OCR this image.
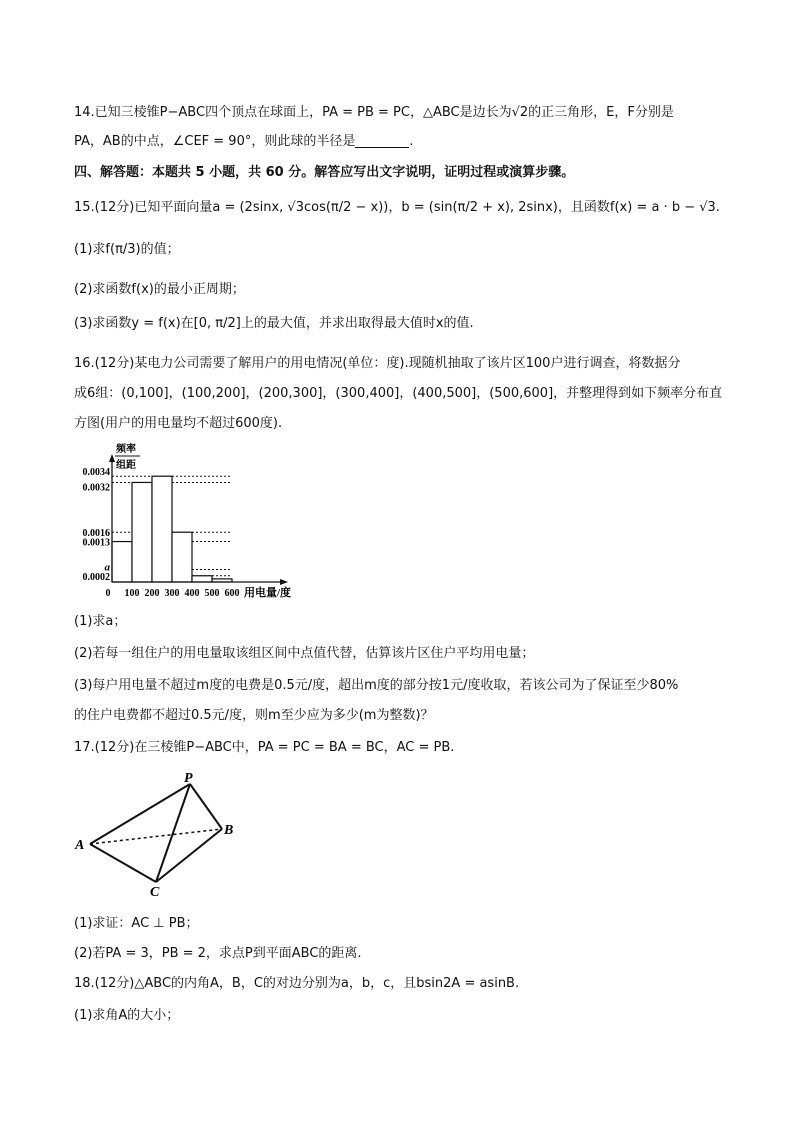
14.已知三棱锥P−ABC四个顶点在球面上，PA = PB = PC，△ABC是边长为√2的正三角形，E，F分别是
PA，AB的中点，∠CEF = 90°，则此球的半径是	.
四、解答题：本题共 5 小题，共 60 分。解答应写出文字说明，证明过程或演算步骤。
15.(12分)已知平面向量a = (2sinx, √3cos(π/2 − x))，b = (sin(π/2 + x), 2sinx)，且函数f(x) = a · b − √3.
(1)求f(π/3)的值；
(2)求函数f(x)的最小正周期；
(3)求函数y = f(x)在[0, π/2]上的最大值，并求出取得最大值时x的值.
16.(12分)某电力公司需要了解用户的用电情况(单位：度).现随机抽取了该片区100户进行调查，将数据分
成6组：(0,100]，(100,200]，(200,300]，(300,400]，(400,500]，(500,600]，并整理得到如下频率分布直
方图(用户的用电量均不超过600度).
0.0034
0.0032
0.0016
0.0013
a
0.0002
0 100 200 300 400 500 600
频率
组距
用电量/度
(1)求a；
(2)若每一组住户的用电量取该组区间中点值代替，估算该片区住户平均用电量；
(3)每户用电量不超过m度的电费是0.5元/度，超出m度的部分按1元/度收取，若该公司为了保证至少80%
的住户电费都不超过0.5元/度，则m至少应为多少(m为整数)？
17.(12分)在三棱锥P−ABC中，PA = PC = BA = BC，AC = PB.
P
A
B
C
(1)求证：AC ⊥ PB；
(2)若PA = 3，PB = 2，求点P到平面ABC的距离.
18.(12分)△ABC的内角A，B，C的对边分别为a，b，c，且bsin2A = asinB.
(1)求角A的大小；
